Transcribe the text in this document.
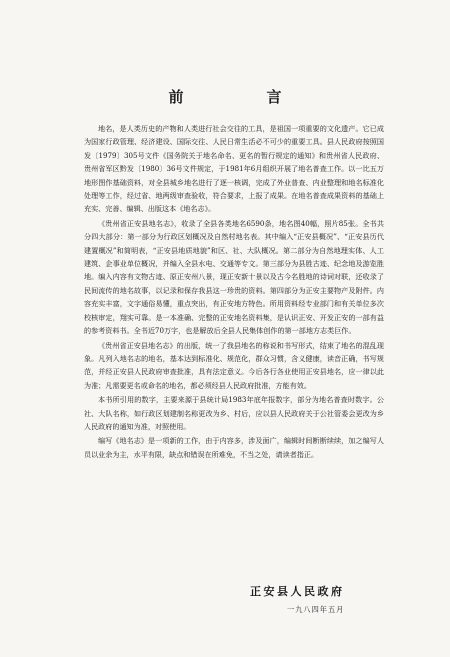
前　言

地名，是人类历史的产物和人类进行社会交往的工具，是祖国一项重要的文化遗产。它已成为国家行政管理、经济建设、国际交往、人民日常生活必不可少的重要工具。县人民政府按照国发〔1979〕305号文件《国务院关于地名命名、更名的暂行规定的通知》和贵州省人民政府、贵州省军区黔发〔1980〕36号文件规定，于1981年6月组织开展了地名普查工作。以一比五万地形图作基础资料，对全县城乡地名进行了逐一核调，完成了外业普查、内业整理和地名标准化处理等工作，经过省、地两级审查验收，符合要求，上报了成果。在地名普查成果资料的基础上充实、完善、编辑、出版这本《地名志》。

《贵州省正安县地名志》，收录了全县各类地名6590条，地名图40幅，照片85张。全书共分四大部分：第一部分为行政区划概况及自然村地名表。其中编入“正安县概况”、“正安县历代建置概况”和简明表，“正安县地质地貌”和区、社、大队概况。第二部分为自然地理实体、人工建筑、企事业单位概况，并编入全县水电、交通等专文。第三部分为县胜古迹、纪念地及游览胜地。编入内容有文物古迹、原正安州八景，现正安新十景以及古今名胜地的诗词对联，还收录了民间流传的地名故事，以记录和保存我县这一珍贵的资料。第四部分为正安主要物产及附件。内容充实丰富，文字通俗易懂，重点突出，有正安地方特色。所用资料经专业部门和有关单位多次校核审定，翔实可靠。是一本准确、完整的正安地名资料集，是认识正安、开发正安的一部有益的参考资料书。全书近70万字，也是解放后全县人民集体创作的第一部地方志类巨作。

《贵州省正安县地名志》的出版，统一了我县地名的称说和书写形式，结束了地名的混乱现象。凡列入地名志的地名，基本达到标准化、规范化，群众习惯，含义健康，读音正确，书写规范，并经正安县人民政府审查批准，具有法定意义。今后各行各业使用正安县地名，应一律以此为准；凡需要更名或命名的地名，都必须经县人民政府批准，方能有效。

本书所引用的数字，主要来源于县统计局1983年底年报数字，部分为地名普查时数字。公社、大队名称，如行政区划建制名称更改为乡、村后，应以县人民政府关于公社管委会更改为乡人民政府的通知为准，对照使用。

编写《地名志》是一项新的工作，由于内容多，涉及面广，编辑时间断断续续，加之编写人员以业余为主，水平有限，缺点和错误在所难免，不当之处，请读者指正。

正安县人民政府

一九八四年五月
